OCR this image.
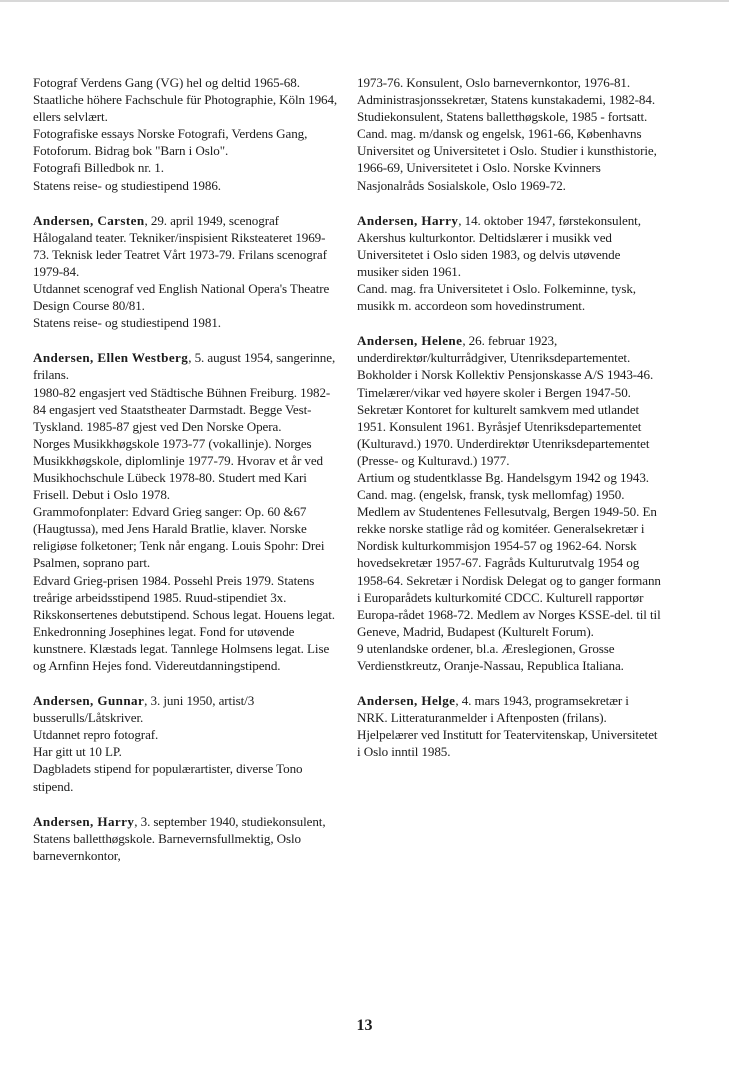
Fotograf Verdens Gang (VG) hel og deltid 1965-68.

Staatliche höhere Fachschule für Photographie, Köln 1964, ellers selvlært.

Fotografiske essays Norske Fotografi, Verdens Gang, Fotoforum. Bidrag bok "Barn i Oslo".

Fotografi Billedbok nr. 1.

Statens reise- og studiestipend 1986.

Andersen, Carsten, 29. april 1949, scenograf Hålogaland teater. Tekniker/inspisient Riksteateret 1969-73. Teknisk leder Teatret Vårt 1973-79. Frilans scenograf 1979-84.

Utdannet scenograf ved English National Opera's Theatre Design Course 80/81.

Statens reise- og studiestipend 1981.

Andersen, Ellen Westberg, 5. august 1954, sangerinne, frilans.

1980-82 engasjert ved Städtische Bühnen Freiburg. 1982-84 engasjert ved Staatstheater Darmstadt. Begge Vest-Tyskland. 1985-87 gjest ved Den Norske Opera.

Norges Musikkhøgskole 1973-77 (vokallinje). Norges Musikkhøgskole, diplomlinje 1977-79. Hvorav et år ved Musikhochschule Lübeck 1978-80. Studert med Kari Frisell. Debut i Oslo 1978.

Grammofonplater: Edvard Grieg sanger: Op. 60 &67 (Haugtussa), med Jens Harald Bratlie, klaver. Norske religiøse folketoner; Tenk når engang. Louis Spohr: Drei Psalmen, soprano part.

Edvard Grieg-prisen 1984. Possehl Preis 1979. Statens treårige arbeidsstipend 1985. Ruud-stipendiet 3x. Rikskonsertenes debutstipend. Schous legat. Houens legat. Enkedronning Josephines legat. Fond for utøvende kunstnere. Klæstads legat. Tannlege Holmsens legat. Lise og Arnfinn Hejes fond. Videreutdanningstipend.

Andersen, Gunnar, 3. juni 1950, artist/3 busserulls/Låtskriver.

Utdannet repro fotograf.

Har gitt ut 10 LP.

Dagbladets stipend for populærartister, diverse Tono stipend.

Andersen, Harry, 3. september 1940, studiekonsulent, Statens balletthøgskole. Barnevernsfullmektig, Oslo barnevernkontor,

1973-76. Konsulent, Oslo barnevernkontor, 1976-81. Administrasjonssekretær, Statens kunstakademi, 1982-84. Studiekonsulent, Statens balletthøgskole, 1985 - fortsatt.

Cand. mag. m/dansk og engelsk, 1961-66, Københavns Universitet og Universitetet i Oslo. Studier i kunsthistorie, 1966-69, Universitetet i Oslo. Norske Kvinners Nasjonalråds Sosialskole, Oslo 1969-72.

Andersen, Harry, 14. oktober 1947, førstekonsulent, Akershus kulturkontor. Deltidslærer i musikk ved Universitetet i Oslo siden 1983, og delvis utøvende musiker siden 1961.

Cand. mag. fra Universitetet i Oslo. Folkeminne, tysk, musikk m. accordeon som hovedinstrument.

Andersen, Helene, 26. februar 1923, underdirektør/kulturrådgiver, Utenriksdepartementet.

Bokholder i Norsk Kollektiv Pensjonskasse A/S 1943-46. Timelærer/vikar ved høyere skoler i Bergen 1947-50. Sekretær Kontoret for kulturelt samkvem med utlandet 1951. Konsulent 1961. Byråsjef Utenriksdepartementet (Kulturavd.) 1970. Underdirektør Utenriksdepartementet (Presse- og Kulturavd.) 1977.

Artium og studentklasse Bg. Handelsgym 1942 og 1943. Cand. mag. (engelsk, fransk, tysk mellomfag) 1950.

Medlem av Studentenes Fellesutvalg, Bergen 1949-50. En rekke norske statlige råd og komitéer. Generalsekretær i Nordisk kulturkommisjon 1954-57 og 1962-64. Norsk hovedsekretær 1957-67. Fagråds Kulturutvalg 1954 og 1958-64. Sekretær i Nordisk Delegat og to ganger formann i Europarådets kulturkomité CDCC. Kulturell rapportør Europa-rådet 1968-72. Medlem av Norges KSSE-del. til til Geneve, Madrid, Budapest (Kulturelt Forum).

9 utenlandske ordener, bl.a. Æreslegionen, Grosse Verdienstkreutz, Oranje-Nassau, Republica Italiana.

Andersen, Helge, 4. mars 1943, programsekretær i NRK. Litteraturanmelder i Aftenposten (frilans).

Hjelpelærer ved Institutt for Teatervitenskap, Universitetet i Oslo inntil 1985.

13
